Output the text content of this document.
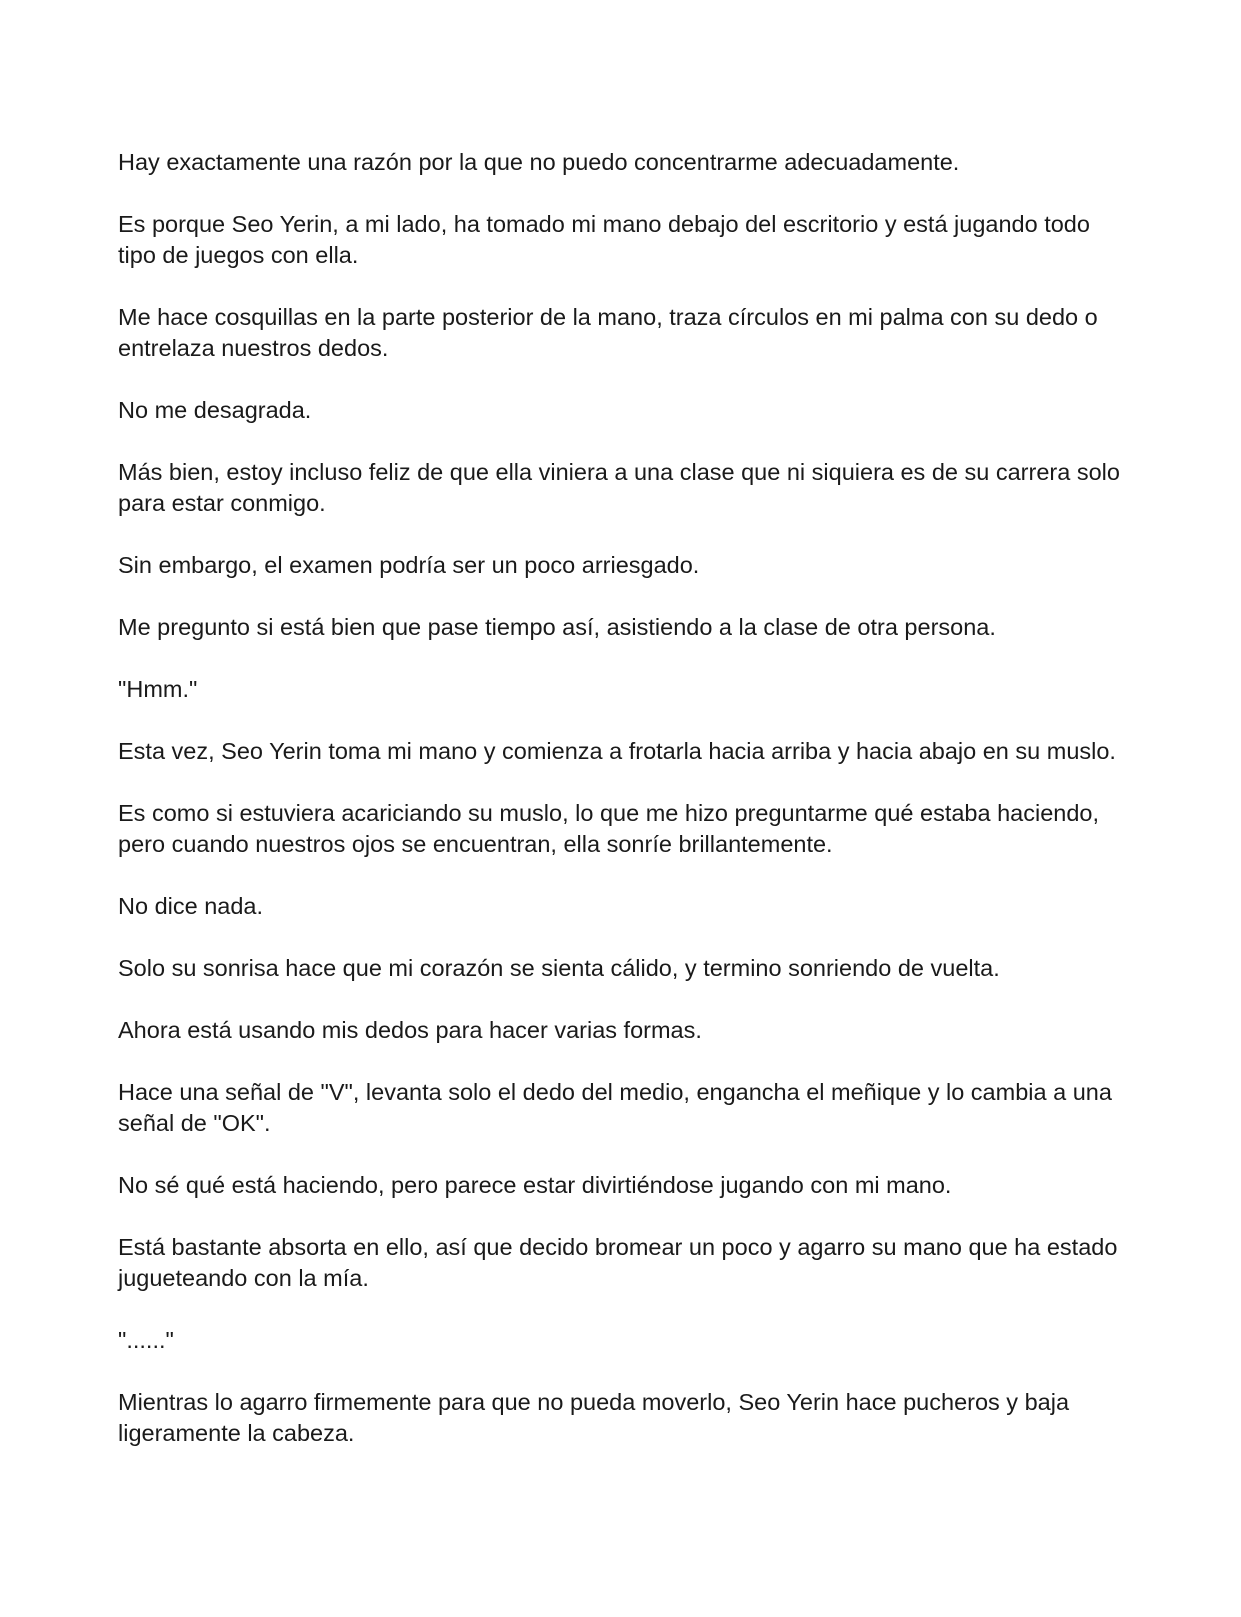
Hay exactamente una razón por la que no puedo concentrarme adecuadamente.

Es porque Seo Yerin, a mi lado, ha tomado mi mano debajo del escritorio y está jugando todo tipo de juegos con ella.

Me hace cosquillas en la parte posterior de la mano, traza círculos en mi palma con su dedo o entrelaza nuestros dedos.

No me desagrada.

Más bien, estoy incluso feliz de que ella viniera a una clase que ni siquiera es de su carrera solo para estar conmigo.

Sin embargo, el examen podría ser un poco arriesgado.

Me pregunto si está bien que pase tiempo así, asistiendo a la clase de otra persona.

"Hmm."

Esta vez, Seo Yerin toma mi mano y comienza a frotarla hacia arriba y hacia abajo en su muslo.

Es como si estuviera acariciando su muslo, lo que me hizo preguntarme qué estaba haciendo, pero cuando nuestros ojos se encuentran, ella sonríe brillantemente.

No dice nada.

Solo su sonrisa hace que mi corazón se sienta cálido, y termino sonriendo de vuelta.

Ahora está usando mis dedos para hacer varias formas.

Hace una señal de "V", levanta solo el dedo del medio, engancha el meñique y lo cambia a una señal de "OK".

No sé qué está haciendo, pero parece estar divirtiéndose jugando con mi mano.

Está bastante absorta en ello, así que decido bromear un poco y agarro su mano que ha estado jugueteando con la mía.

"......"

Mientras lo agarro firmemente para que no pueda moverlo, Seo Yerin hace pucheros y baja ligeramente la cabeza.
